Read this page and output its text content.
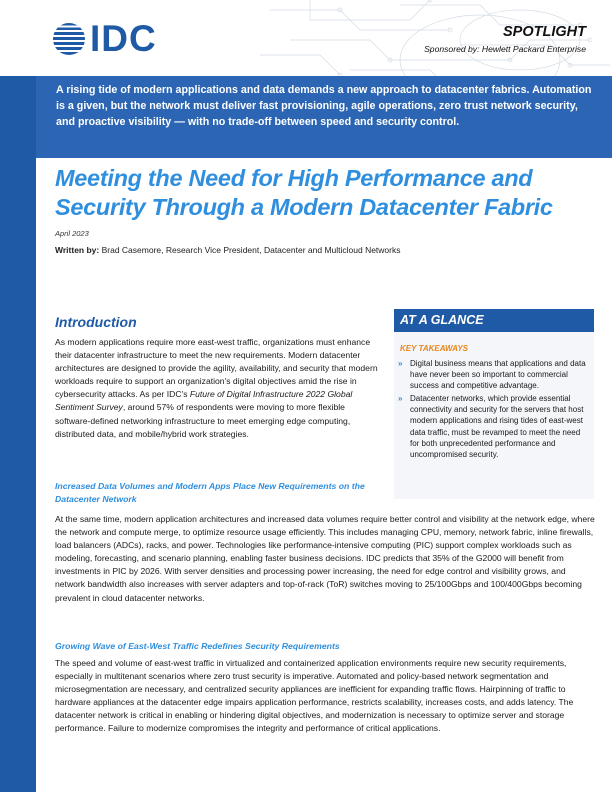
IDC	SPOTLIGHT
Sponsored by: Hewlett Packard Enterprise

A rising tide of modern applications and data demands a new approach to datacenter fabrics. Automation is a given, but the network must deliver fast provisioning, agile operations, zero trust network security, and proactive visibility — with no trade-off between speed and security control.

Meeting the Need for High Performance and Security Through a Modern Datacenter Fabric
April 2023
Written by: Brad Casemore, Research Vice President, Datacenter and Multicloud Networks
Introduction

As modern applications require more east-west traffic, organizations must enhance their datacenter infrastructure to meet the new requirements. Modern datacenter architectures are designed to provide the agility, availability, and security that modern workloads require to support an organization's digital objectives amid the rise in cybersecurity attacks. As per IDC's Future of Digital Infrastructure 2022 Global Sentiment Survey, around 57% of respondents were moving to more flexible software-defined networking infrastructure to meet emerging edge computing, distributed data, and mobile/hybrid work strategies.

Increased Data Volumes and Modern Apps Place New Requirements on the Datacenter Network

At the same time, modern application architectures and increased data volumes require better control and visibility at the network edge, where the network and compute merge, to optimize resource usage efficiently. This includes managing CPU, memory, network fabric, inline firewalls, load balancers (ADCs), racks, and power. Technologies like performance-intensive computing (PIC) support complex workloads such as modeling, forecasting, and scenario planning, enabling faster business decisions. IDC predicts that 35% of the G2000 will benefit from investments in PIC by 2026. With server densities and processing power increasing, the need for edge control and visibility grows, and network bandwidth also increases with server adapters and top-of-rack (ToR) switches moving to 25/100Gbps and 100/400Gbps becoming prevalent in cloud datacenter networks.

Growing Wave of East-West Traffic Redefines Security Requirements

The speed and volume of east-west traffic in virtualized and containerized application environments require new security requirements, especially in multitenant scenarios where zero trust security is imperative. Automated and policy-based network segmentation and microsegmentation are necessary, and centralized security appliances are inefficient for expanding traffic flows. Hairpinning of traffic to hardware appliances at the datacenter edge impairs application performance, restricts scalability, increases costs, and adds latency. The datacenter network is critical in enabling or hindering digital objectives, and modernization is necessary to optimize server and storage performance. Failure to modernize compromises the integrity and performance of critical applications.

AT A GLANCE
KEY TAKEAWAYS
» Digital business means that applications and data have never been so important to commercial success and competitive advantage.
» Datacenter networks, which provide essential connectivity and security for the servers that host modern applications and rising tides of east-west data traffic, must be revamped to meet the need for both unprecedented performance and uncompromised security.
